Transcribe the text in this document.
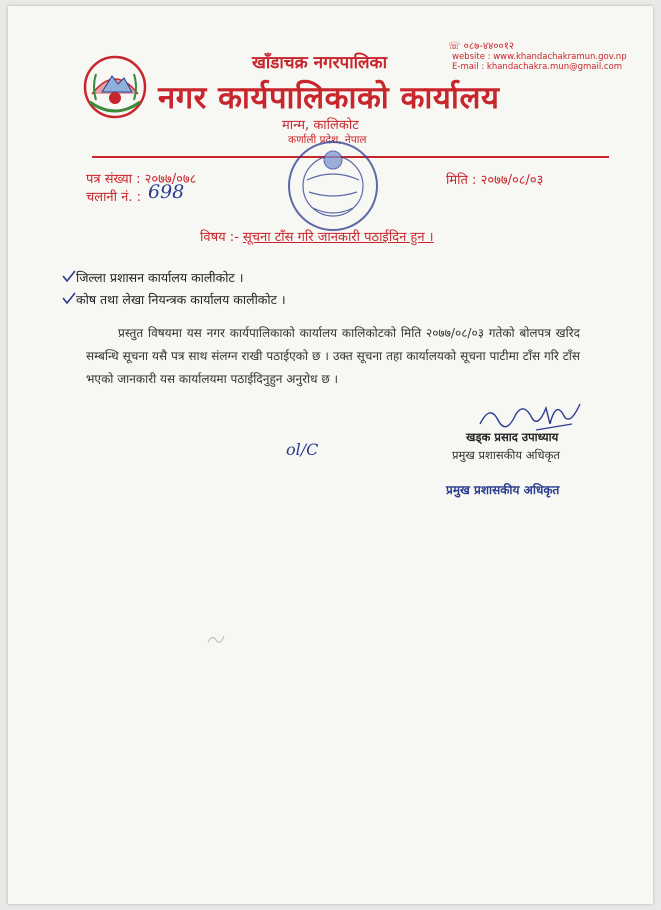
☏ ०८७-४४००१२
website : www.khandachakramun.gov.np
E-mail : khandachakra.mun@gmail.com
खाँडाचक्र नगरपालिका
नगर कार्यपालिकाको कार्यालय
मान्म, कालिकोट
कर्णाली प्रदेश, नेपाल
पत्र संख्या : २०७७/०७८
चलानी नं. : 698
मिति : २०७७/०८/०३
विषय :- सूचना टाँस गरि जानकारी पठाईदिन हुन ।
जिल्ला प्रशासन कार्यालय कालीकोट ।
कोष तथा लेखा नियन्त्रक कार्यालय कालीकोट ।
प्रस्तुत विषयमा यस नगर कार्यपालिकाको कार्यालय कालिकोटको मिति २०७७/०८/०३ गतेको बोलपत्र खरिद सम्बन्धि सूचना यसै पत्र साथ संलग्न राखी पठाईएको छ । उक्त सूचना तहा कार्यालयको सूचना पाटीमा टाँस गरि टाँस भएको जानकारी यस कार्यालयमा पठाईदिनुहुन अनुरोध छ ।
ol/C
खड्क प्रसाद उपाध्याय
प्रमुख प्रशासकीय अधिकृत
प्रमुख प्रशासकीय अधिकृत
